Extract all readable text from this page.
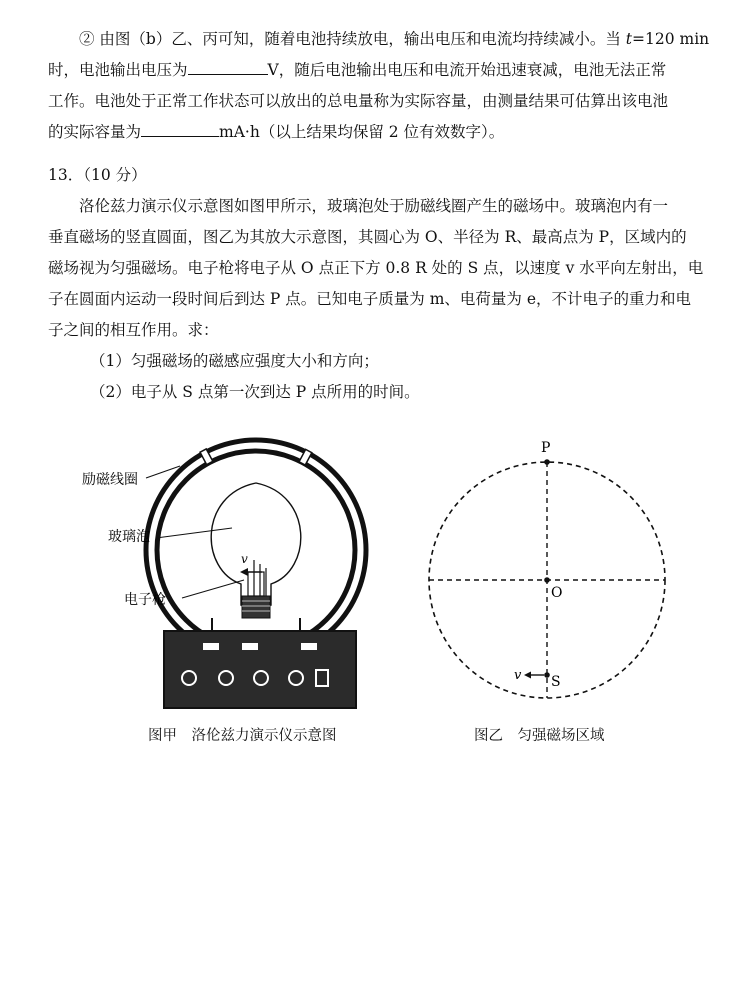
② 由图（b）乙、丙可知，随着电池持续放电，输出电压和电流均持续减小。当 t=120 min
时，电池输出电压为	V，随后电池输出电压和电流开始迅速衰减，电池无法正常
工作。电池处于正常工作状态可以放出的总电量称为实际容量，由测量结果可估算出该电池
的实际容量为	mA·h（以上结果均保留 2 位有效数字）。
13．（10 分）
洛伦兹力演示仪示意图如图甲所示，玻璃泡处于励磁线圈产生的磁场中。玻璃泡内有一
垂直磁场的竖直圆面，图乙为其放大示意图，其圆心为 O、半径为 R、最高点为 P，区域内的
磁场视为匀强磁场。电子枪将电子从 O 点正下方 0.8 R 处的 S 点，以速度 v 水平向左射出，电
子在圆面内运动一段时间后到达 P 点。已知电子质量为 m、电荷量为 e，不计电子的重力和电
子之间的相互作用。求：
（1）匀强磁场的磁感应强度大小和方向；
（2）电子从 S 点第一次到达 P 点所用的时间。
v
励磁线圈
玻璃泡
电子枪
图甲　洛伦兹力演示仪示意图
P
O
S
v
图乙　匀强磁场区域
